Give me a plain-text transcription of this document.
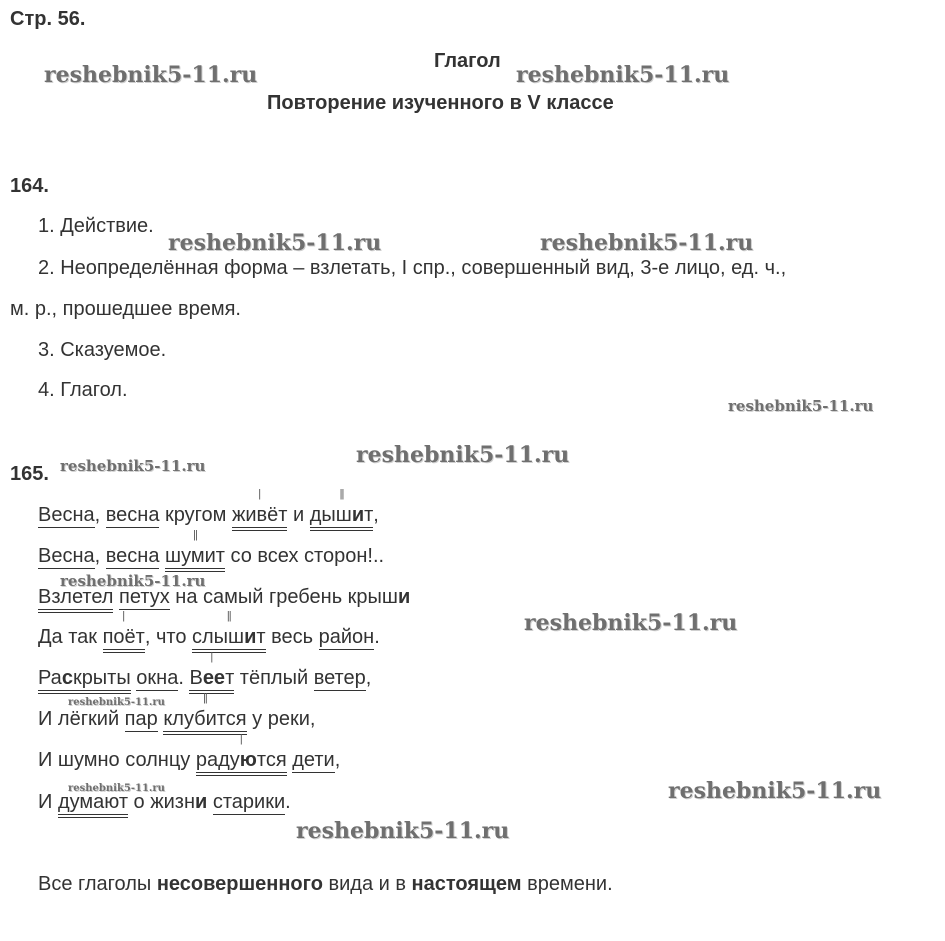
Стр. 56.
Глагол
Повторение изученного в V классе
164.
1. Действие.
2. Неопределённая форма – взлетать, I спр., совершенный вид, 3-е лицо, ед. ч.,
м. р., прошедшее время.
3. Сказуемое.
4. Глагол.
165.
Весна, весна кругом живёт
|
и дышит
||
,
Весна, весна шумит
||
со всех сторон!..
Взлетел петух на самый гребень крыши
Да так поёт
|
, что слышит
||
весь район.
Раскрыты окна. Веет
|
тёплый ветер,
И лёгкий пар клубится
||
у реки,
И шумно солнцу радуются
| дети,
И думают о жизни старики.
Все глаголы несовершенного вида и в настоящем времени.
reshebnik5-11.ru	reshebnik5-11.ru
reshebnik5-11.ru	reshebnik5-11.ru
reshebnik5-11.ru
reshebnik5-11.ru
reshebnik5-11.ru
reshebnik5-11.ru
reshebnik5-11.ru
reshebnik5-11.ru
reshebnik5-11.ru	reshebnik5-11.ru
reshebnik5-11.ru
